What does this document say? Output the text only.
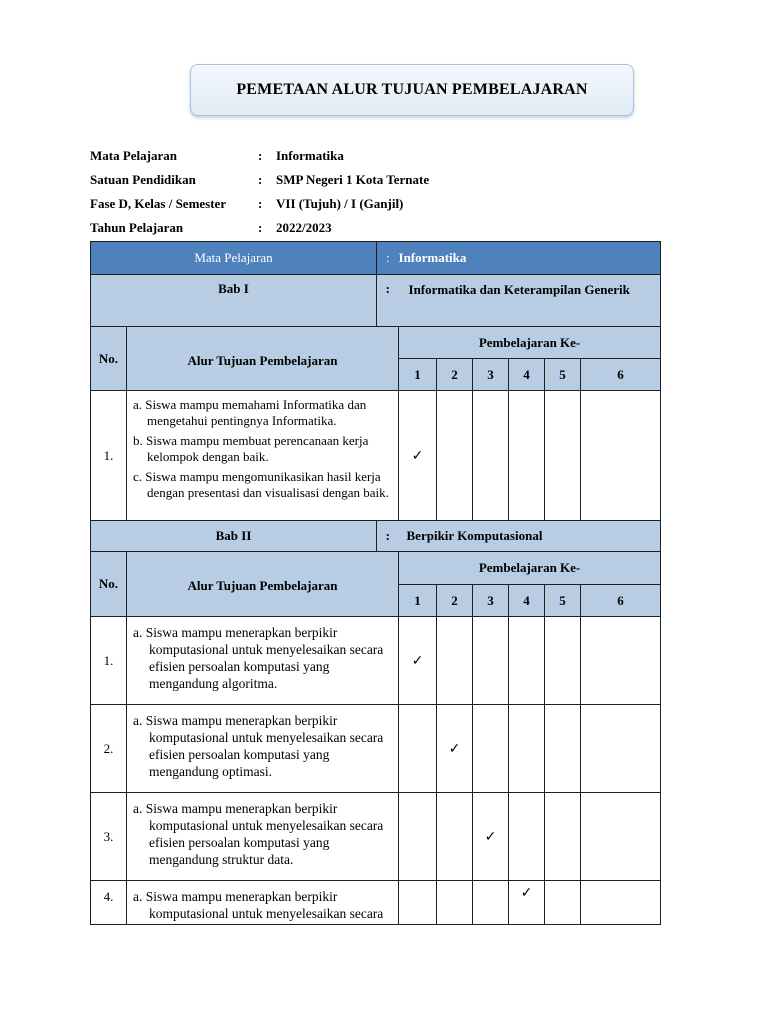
PEMETAAN ALUR TUJUAN PEMBELAJARAN
Mata Pelajaran	:	Informatika
Satuan Pendidikan	:	SMP Negeri 1 Kota Ternate
Fase D, Kelas / Semester	:	VII (Tujuh) / I (Ganjil)
Tahun Pelajaran	:	2022/2023
Mata Pelajaran		:	Informatika					
Bab I		:	Informatika dan Keterampilan Generik					
No.	Alur Tujuan Pembelajaran		Pembelajaran Ke-					
			1	2	3	4	5	6
1.	a. Siswa mampu memahami Informatika dan mengetahui pentingnya Informatika.
b. Siswa mampu membuat perencanaan kerja kelompok dengan baik.
c. Siswa mampu mengomunikasikan hasil kerja dengan presentasi dan visualisasi dengan baik.		✓					
Bab II		:	Berpikir Komputasional					
No.	Alur Tujuan Pembelajaran		Pembelajaran Ke-					
			1	2	3	4	5	6
1.	a. Siswa mampu menerapkan berpikir komputasional untuk menyelesaikan secara efisien persoalan komputasi yang mengandung algoritma.		✓					
2.	a. Siswa mampu menerapkan berpikir komputasional untuk menyelesaikan secara efisien persoalan komputasi yang mengandung optimasi.			✓				
3.	a. Siswa mampu menerapkan berpikir komputasional untuk menyelesaikan secara efisien persoalan komputasi yang mengandung struktur data.				✓			
4.	a. Siswa mampu menerapkan berpikir komputasional untuk menyelesaikan secara					✓		
